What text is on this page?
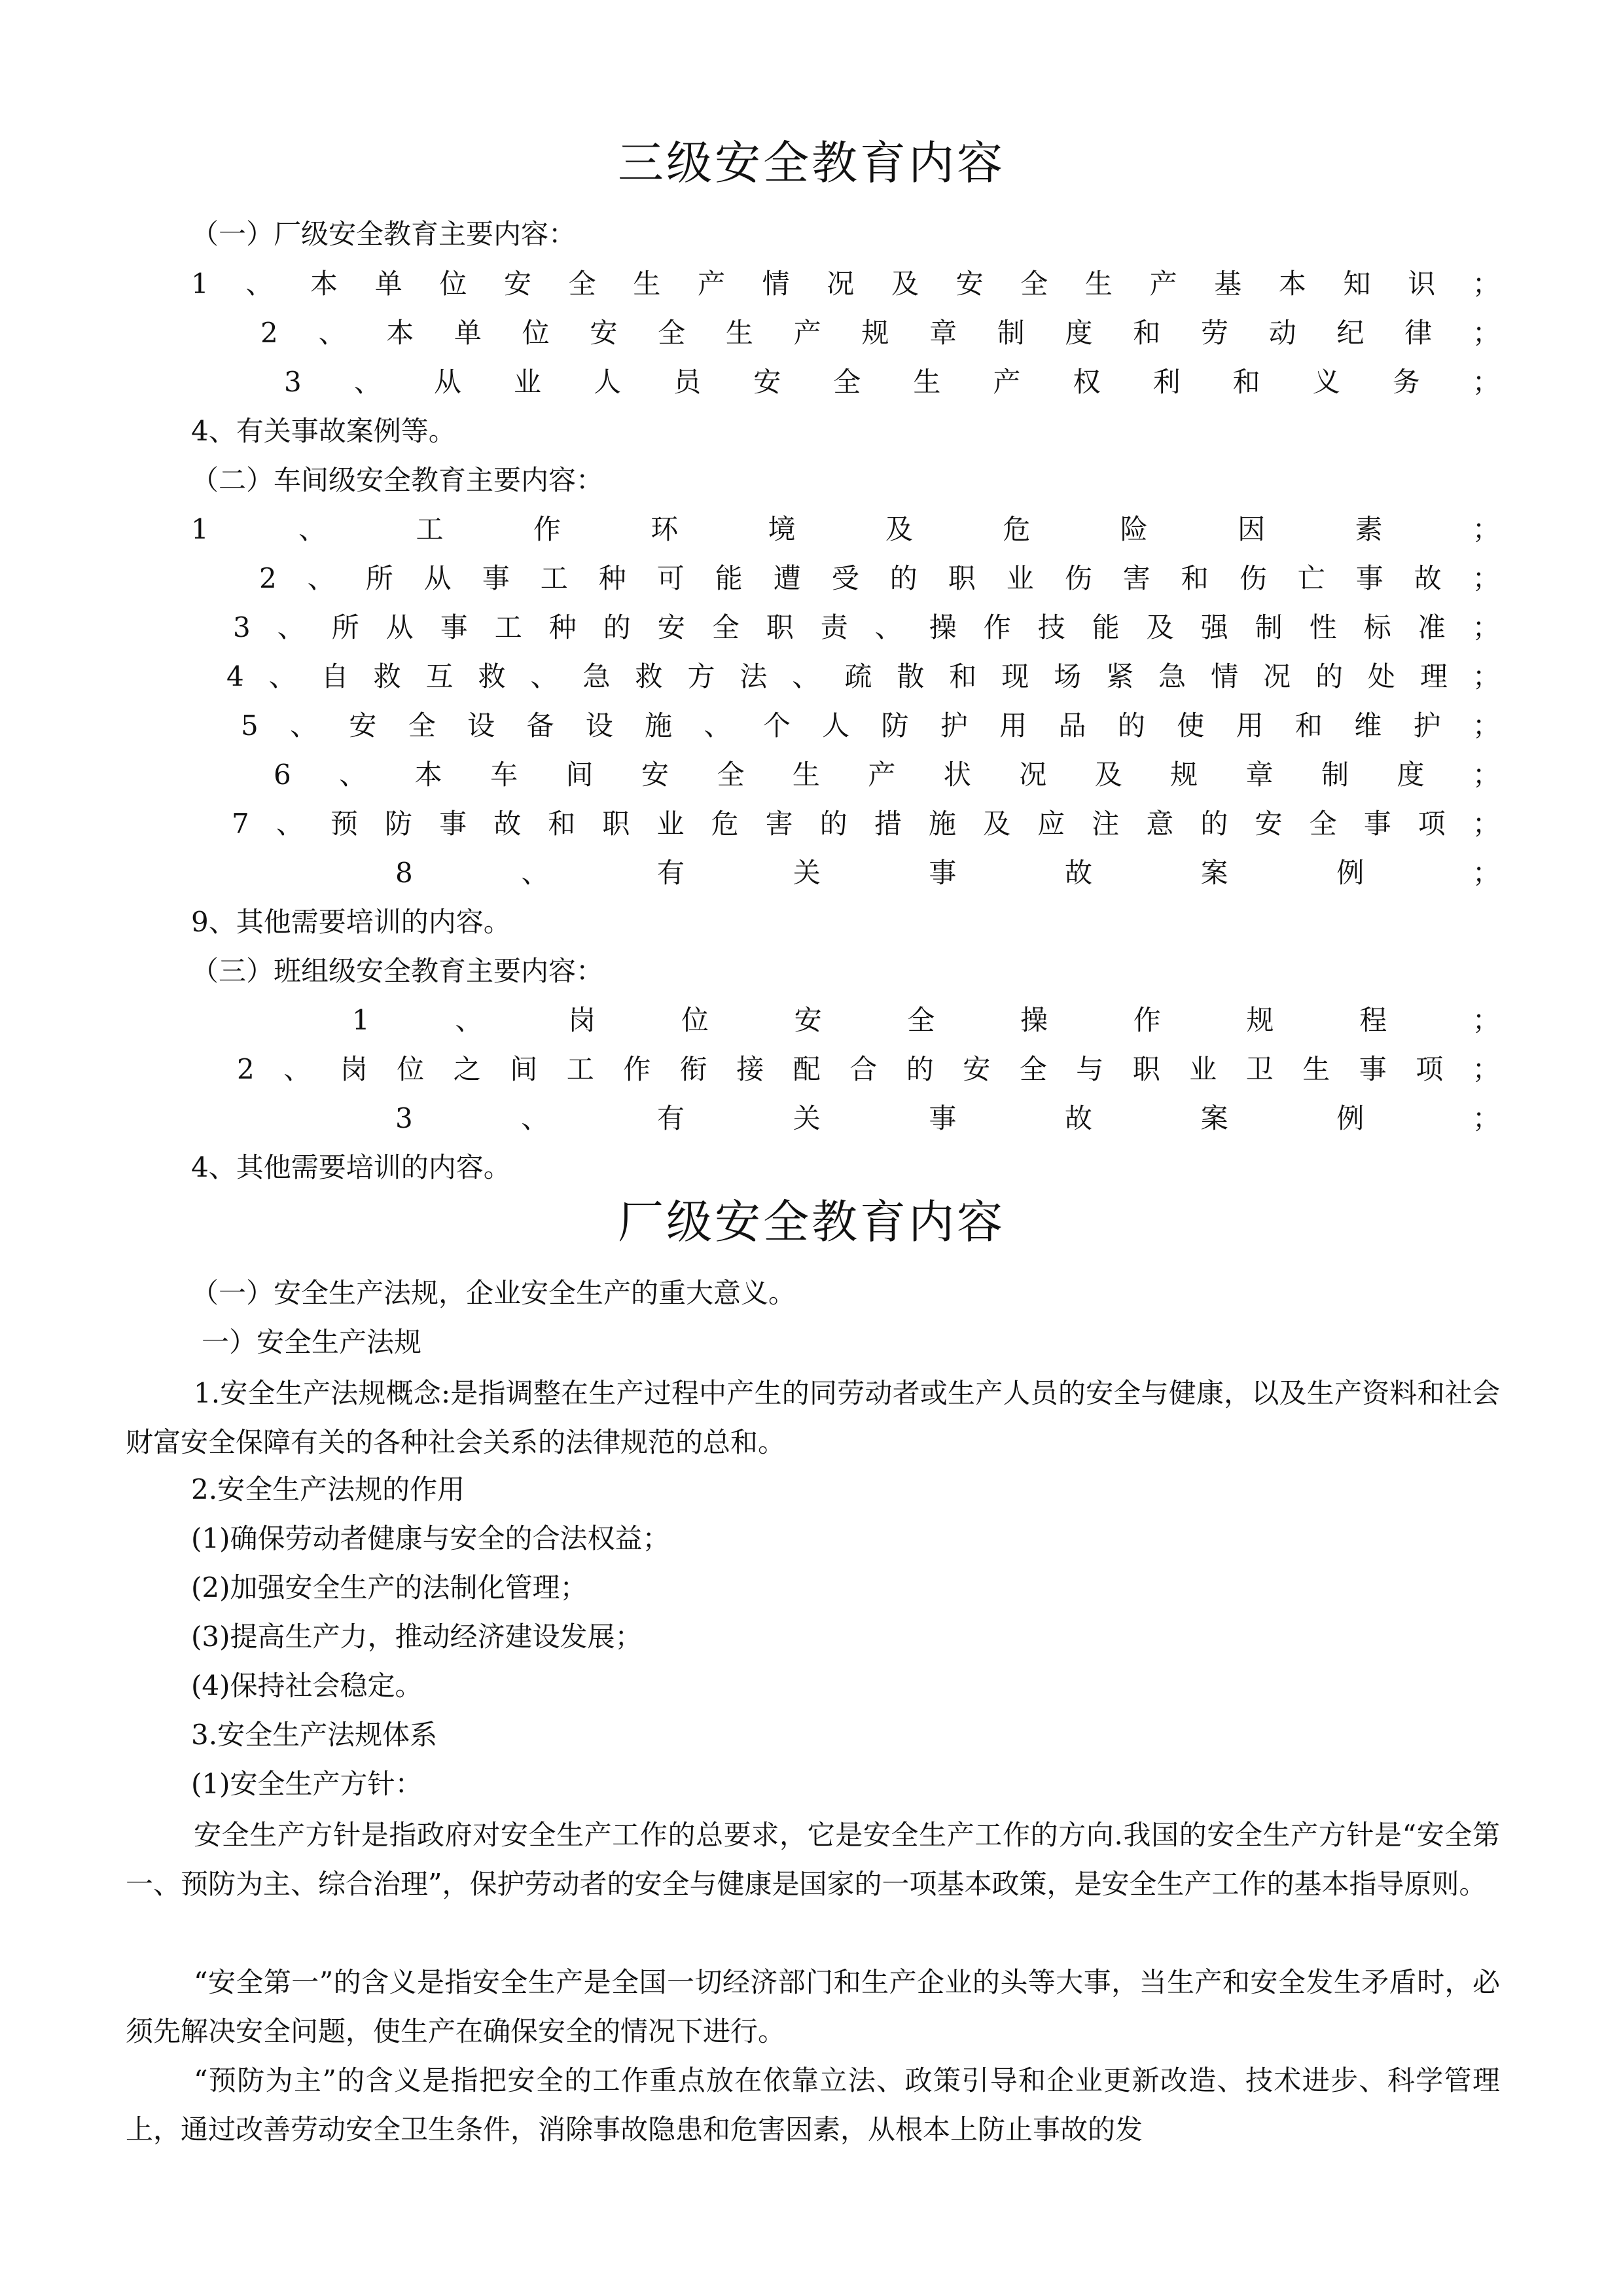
三级安全教育内容
（一）厂级安全教育主要内容：
1 、 本 单 位 安 全 生 产 情 况 及 安 全 生 产 基 本 知 识 ；
2 、 本 单 位 安 全 生 产 规 章 制 度 和 劳 动 纪 律 ；
3 、 从 业 人 员 安 全 生 产 权 利 和 义 务 ；
4、有关事故案例等。
（二）车间级安全教育主要内容：
1	、	工	作	环	境	及	危	险	因	素	；
2 、 所 从 事 工 种 可 能 遭 受 的 职 业 伤 害 和 伤 亡 事 故 ；
3 、 所 从 事 工 种 的 安 全 职 责 、 操 作 技 能 及 强 制 性 标 准 ；
4 、 自 救 互 救 、 急 救 方 法 、 疏 散 和 现 场 紧 急 情 况 的 处 理 ；
5 、 安 全 设 备 设 施 、 个 人 防 护 用 品 的 使 用 和 维 护 ；
6 、 本 车 间 安 全 生 产 状 况 及 规 章 制 度 ；
7 、 预 防 事 故 和 职 业 危 害 的 措 施 及 应 注 意 的 安 全 事 项 ；
8	、	有	关	事	故	案	例	；
9、其他需要培训的内容。
（三）班组级安全教育主要内容：
1	、	岗	位	安	全	操	作	规	程	；
2 、 岗 位 之 间 工 作 衔 接 配 合 的 安 全 与 职 业 卫 生 事 项 ；
3	、	有	关	事	故	案	例	；
4、其他需要培训的内容。
厂级安全教育内容
（一）安全生产法规，企业安全生产的重大意义。
一）安全生产法规
1.安全生产法规概念:是指调整在生产过程中产生的同劳动者或生产人员的安全与健康，以及生产资料和社会财富安全保障有关的各种社会关系的法律规范的总和。
2.安全生产法规的作用
(1)确保劳动者健康与安全的合法权益；
(2)加强安全生产的法制化管理；
(3)提高生产力，推动经济建设发展；
(4)保持社会稳定。
3.安全生产法规体系
(1)安全生产方针：
安全生产方针是指政府对安全生产工作的总要求，它是安全生产工作的方向.我国的安全生产方针是“安全第一、预防为主、综合治理”，保护劳动者的安全与健康是国家的一项基本政策，是安全生产工作的基本指导原则。
“安全第一”的含义是指安全生产是全国一切经济部门和生产企业的头等大事，当生产和安全发生矛盾时，必须先解决安全问题，使生产在确保安全的情况下进行。
“预防为主”的含义是指把安全的工作重点放在依靠立法、政策引导和企业更新改造、技术进步、科学管理上，通过改善劳动安全卫生条件，消除事故隐患和危害因素，从根本上防止事故的发
